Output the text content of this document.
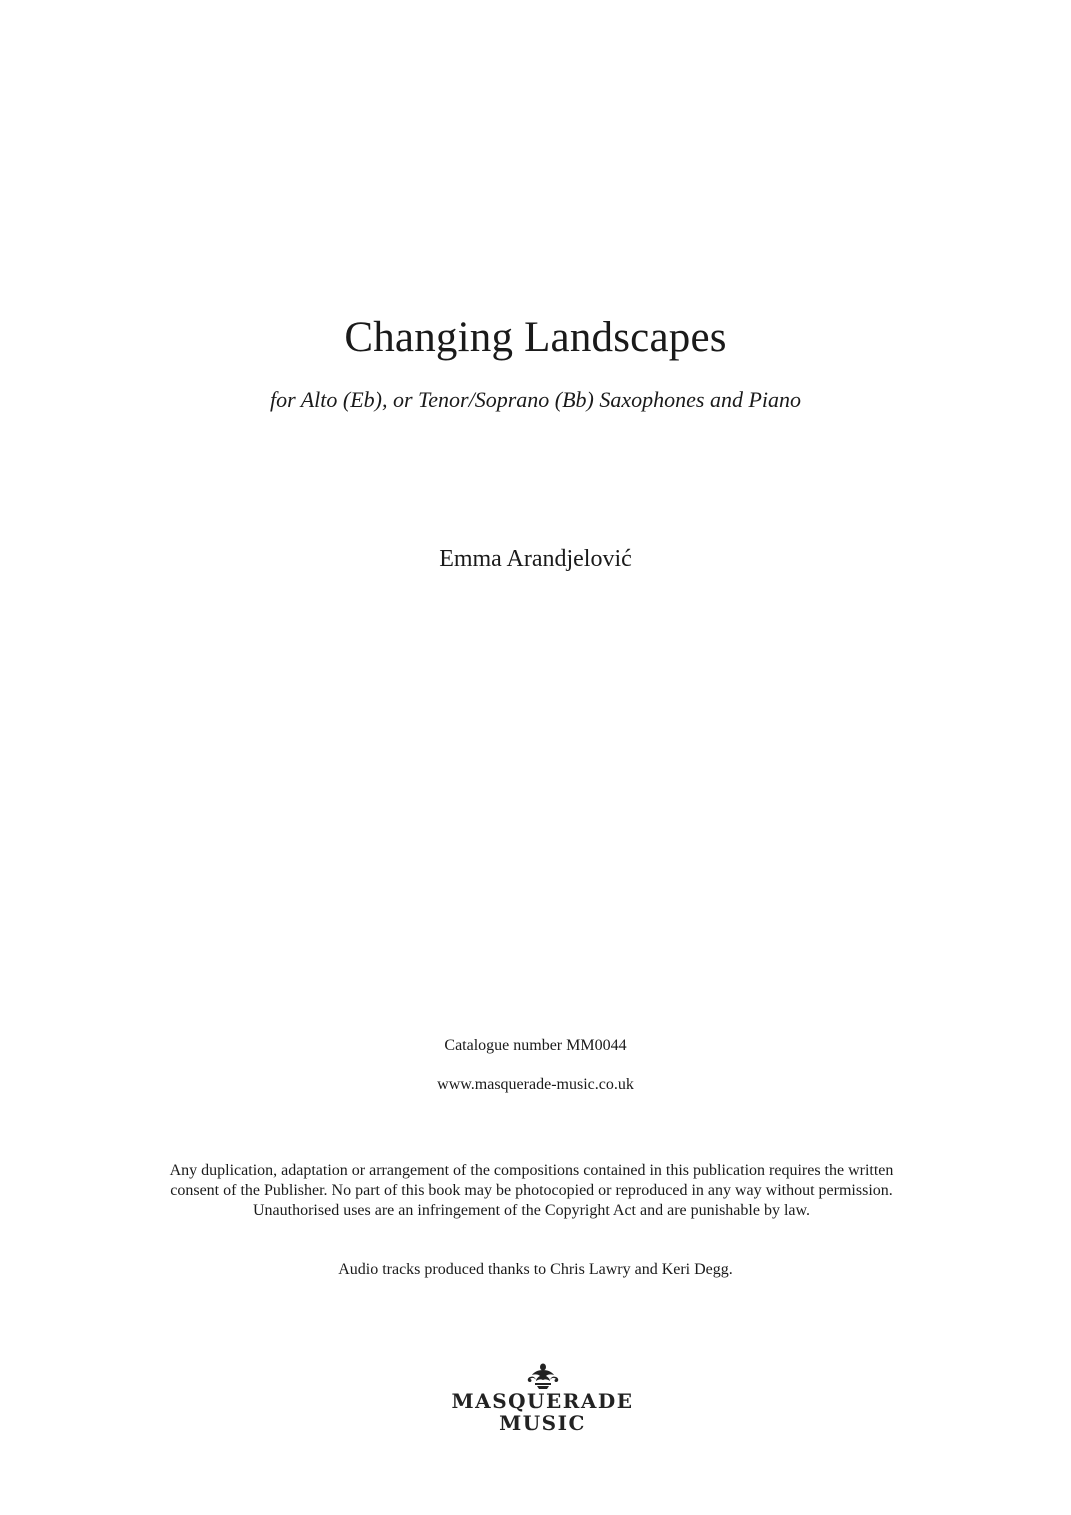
Changing Landscapes
for Alto (Eb), or Tenor/Soprano (Bb) Saxophones and Piano
Emma Arandjelović
Catalogue number MM0044
www.masquerade-music.co.uk
Any duplication, adaptation or arrangement of the compositions contained in this publication requires the written
consent of the Publisher. No part of this book may be photocopied or reproduced in any way without permission.
Unauthorised uses are an infringement of the Copyright Act and are punishable by law.
Audio tracks produced thanks to Chris Lawry and Keri Degg.
MASQUERADE
MUSIC
